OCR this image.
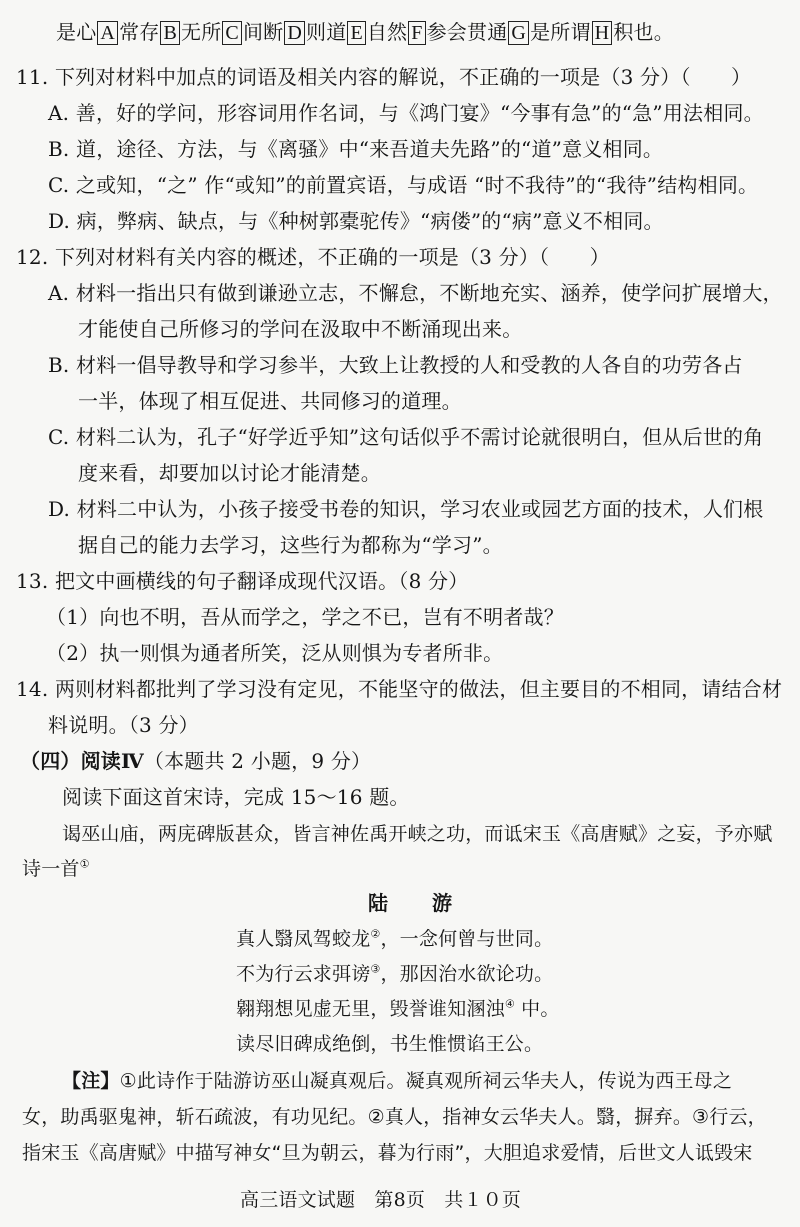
是心 A 常存 B 无所 C 间断 D 则道 E 自然 F 参会贯通 G 是所谓 H 积也。
11. 下列对材料中加点的词语及相关内容的解说，不正确的一项是（3 分）（　　）
A. 善，好的学问，形容词用作名词，与《鸿门宴》“今事有急”的“急”用法相同。
B. 道，途径、方法，与《离骚》中“来吾道夫先路”的“道”意义相同。
C. 之或知，“之” 作“或知”的前置宾语，与成语 “时不我待”的“我待”结构相同。
D. 病，弊病、缺点，与《种树郭橐驼传》“病偻”的“病”意义不相同。
12. 下列对材料有关内容的概述，不正确的一项是（3 分）（　　）
A. 材料一指出只有做到谦逊立志，不懈怠，不断地充实、涵养，使学问扩展增大，
才能使自己所修习的学问在汲取中不断涌现出来。
B. 材料一倡导教导和学习参半，大致上让教授的人和受教的人各自的功劳各占
一半，体现了相互促进、共同修习的道理。
C. 材料二认为，孔子“好学近乎知”这句话似乎不需讨论就很明白，但从后世的角
度来看，却要加以讨论才能清楚。
D. 材料二中认为，小孩子接受书卷的知识，学习农业或园艺方面的技术，人们根
据自己的能力去学习，这些行为都称为“学习”。
13. 把文中画横线的句子翻译成现代汉语。（8 分）
（1）向也不明，吾从而学之，学之不已，岂有不明者哉？
（2）执一则惧为通者所笑，泛从则惧为专者所非。
14. 两则材料都批判了学习没有定见，不能坚守的做法，但主要目的不相同，请结合材
料说明。（3 分）
（四）阅读Ⅳ（本题共 2 小题，9 分）
阅读下面这首宋诗，完成 15～16 题。
谒巫山庙，两庑碑版甚众，皆言神佐禹开峡之功，而诋宋玉《高唐赋》之妄，予亦赋
诗一首①
陆　游
真人翳凤驾蛟龙②，一念何曾与世同。
不为行云求弭谤③，那因治水欲论功。
翱翔想见虚无里，毁誉谁知溷浊④ 中。
读尽旧碑成绝倒，书生惟惯谄王公。
【注】①此诗作于陆游访巫山凝真观后。凝真观所祠云华夫人，传说为西王母之
女，助禹驱鬼神，斩石疏波，有功见纪。②真人，指神女云华夫人。翳，摒弃。③行云，
指宋玉《高唐赋》中描写神女“旦为朝云，暮为行雨”，大胆追求爱情，后世文人诋毁宋
高三语文试题　第8页　共１０页
